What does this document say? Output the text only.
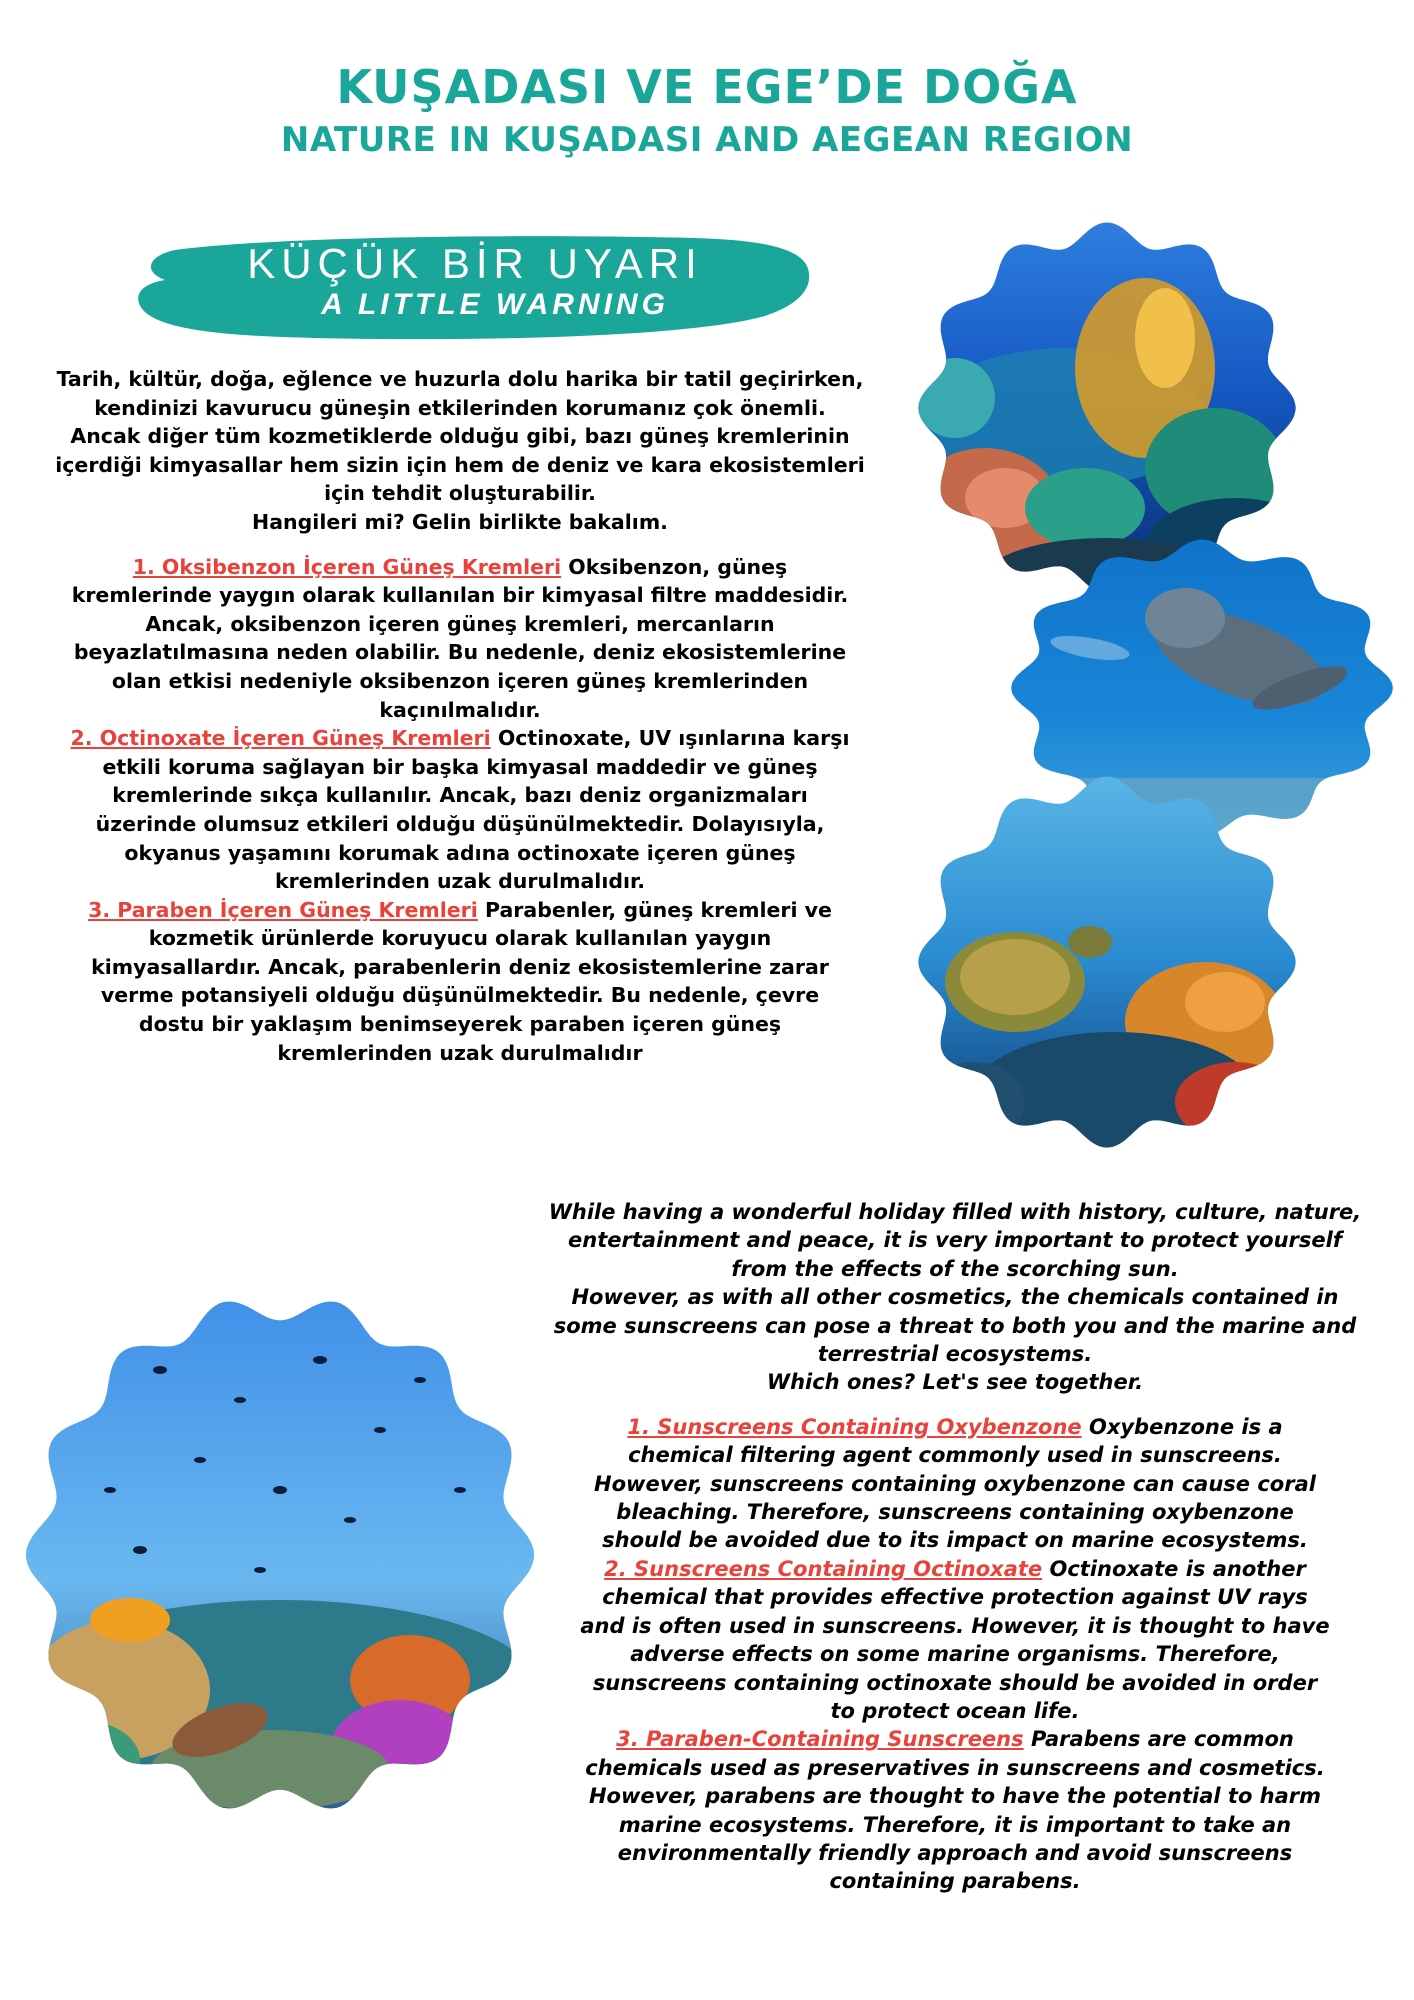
KUŞADASI VE EGE’DE DOĞA
NATURE IN KUŞADASI AND AEGEAN REGION
KÜÇÜK BİR UYARI
A LITTLE WARNING

Tarih, kültür, doğa, eğlence ve huzurla dolu harika bir tatil geçirirken,

kendinizi kavurucu güneşin etkilerinden korumanız çok önemli.

Ancak diğer tüm kozmetiklerde olduğu gibi, bazı güneş kremlerinin

içerdiği kimyasallar hem sizin için hem de deniz ve kara ekosistemleri

için tehdit oluşturabilir.

Hangileri mi? Gelin birlikte bakalım.

1. Oksibenzon İçeren Güneş Kremleri Oksibenzon, güneş

kremlerinde yaygın olarak kullanılan bir kimyasal filtre maddesidir.

Ancak, oksibenzon içeren güneş kremleri, mercanların

beyazlatılmasına neden olabilir. Bu nedenle, deniz ekosistemlerine

olan etkisi nedeniyle oksibenzon içeren güneş kremlerinden

kaçınılmalıdır.

2. Octinoxate İçeren Güneş Kremleri Octinoxate, UV ışınlarına karşı

etkili koruma sağlayan bir başka kimyasal maddedir ve güneş

kremlerinde sıkça kullanılır. Ancak, bazı deniz organizmaları

üzerinde olumsuz etkileri olduğu düşünülmektedir. Dolayısıyla,

okyanus yaşamını korumak adına octinoxate içeren güneş

kremlerinden uzak durulmalıdır.

3. Paraben İçeren Güneş Kremleri Parabenler, güneş kremleri ve

kozmetik ürünlerde koruyucu olarak kullanılan yaygın

kimyasallardır. Ancak, parabenlerin deniz ekosistemlerine zarar

verme potansiyeli olduğu düşünülmektedir. Bu nedenle, çevre

dostu bir yaklaşım benimseyerek paraben içeren güneş

kremlerinden uzak durulmalıdır

While having a wonderful holiday filled with history, culture, nature,

entertainment and peace, it is very important to protect yourself

from the effects of the scorching sun.

However, as with all other cosmetics, the chemicals contained in

some sunscreens can pose a threat to both you and the marine and

terrestrial ecosystems.

Which ones? Let's see together.

1. Sunscreens Containing Oxybenzone Oxybenzone is a

chemical filtering agent commonly used in sunscreens.

However, sunscreens containing oxybenzone can cause coral

bleaching. Therefore, sunscreens containing oxybenzone

should be avoided due to its impact on marine ecosystems.

2. Sunscreens Containing Octinoxate Octinoxate is another

chemical that provides effective protection against UV rays

and is often used in sunscreens. However, it is thought to have

adverse effects on some marine organisms. Therefore,

sunscreens containing octinoxate should be avoided in order

to protect ocean life.

3. Paraben-Containing Sunscreens Parabens are common

chemicals used as preservatives in sunscreens and cosmetics.

However, parabens are thought to have the potential to harm

marine ecosystems. Therefore, it is important to take an

environmentally friendly approach and avoid sunscreens

containing parabens.
